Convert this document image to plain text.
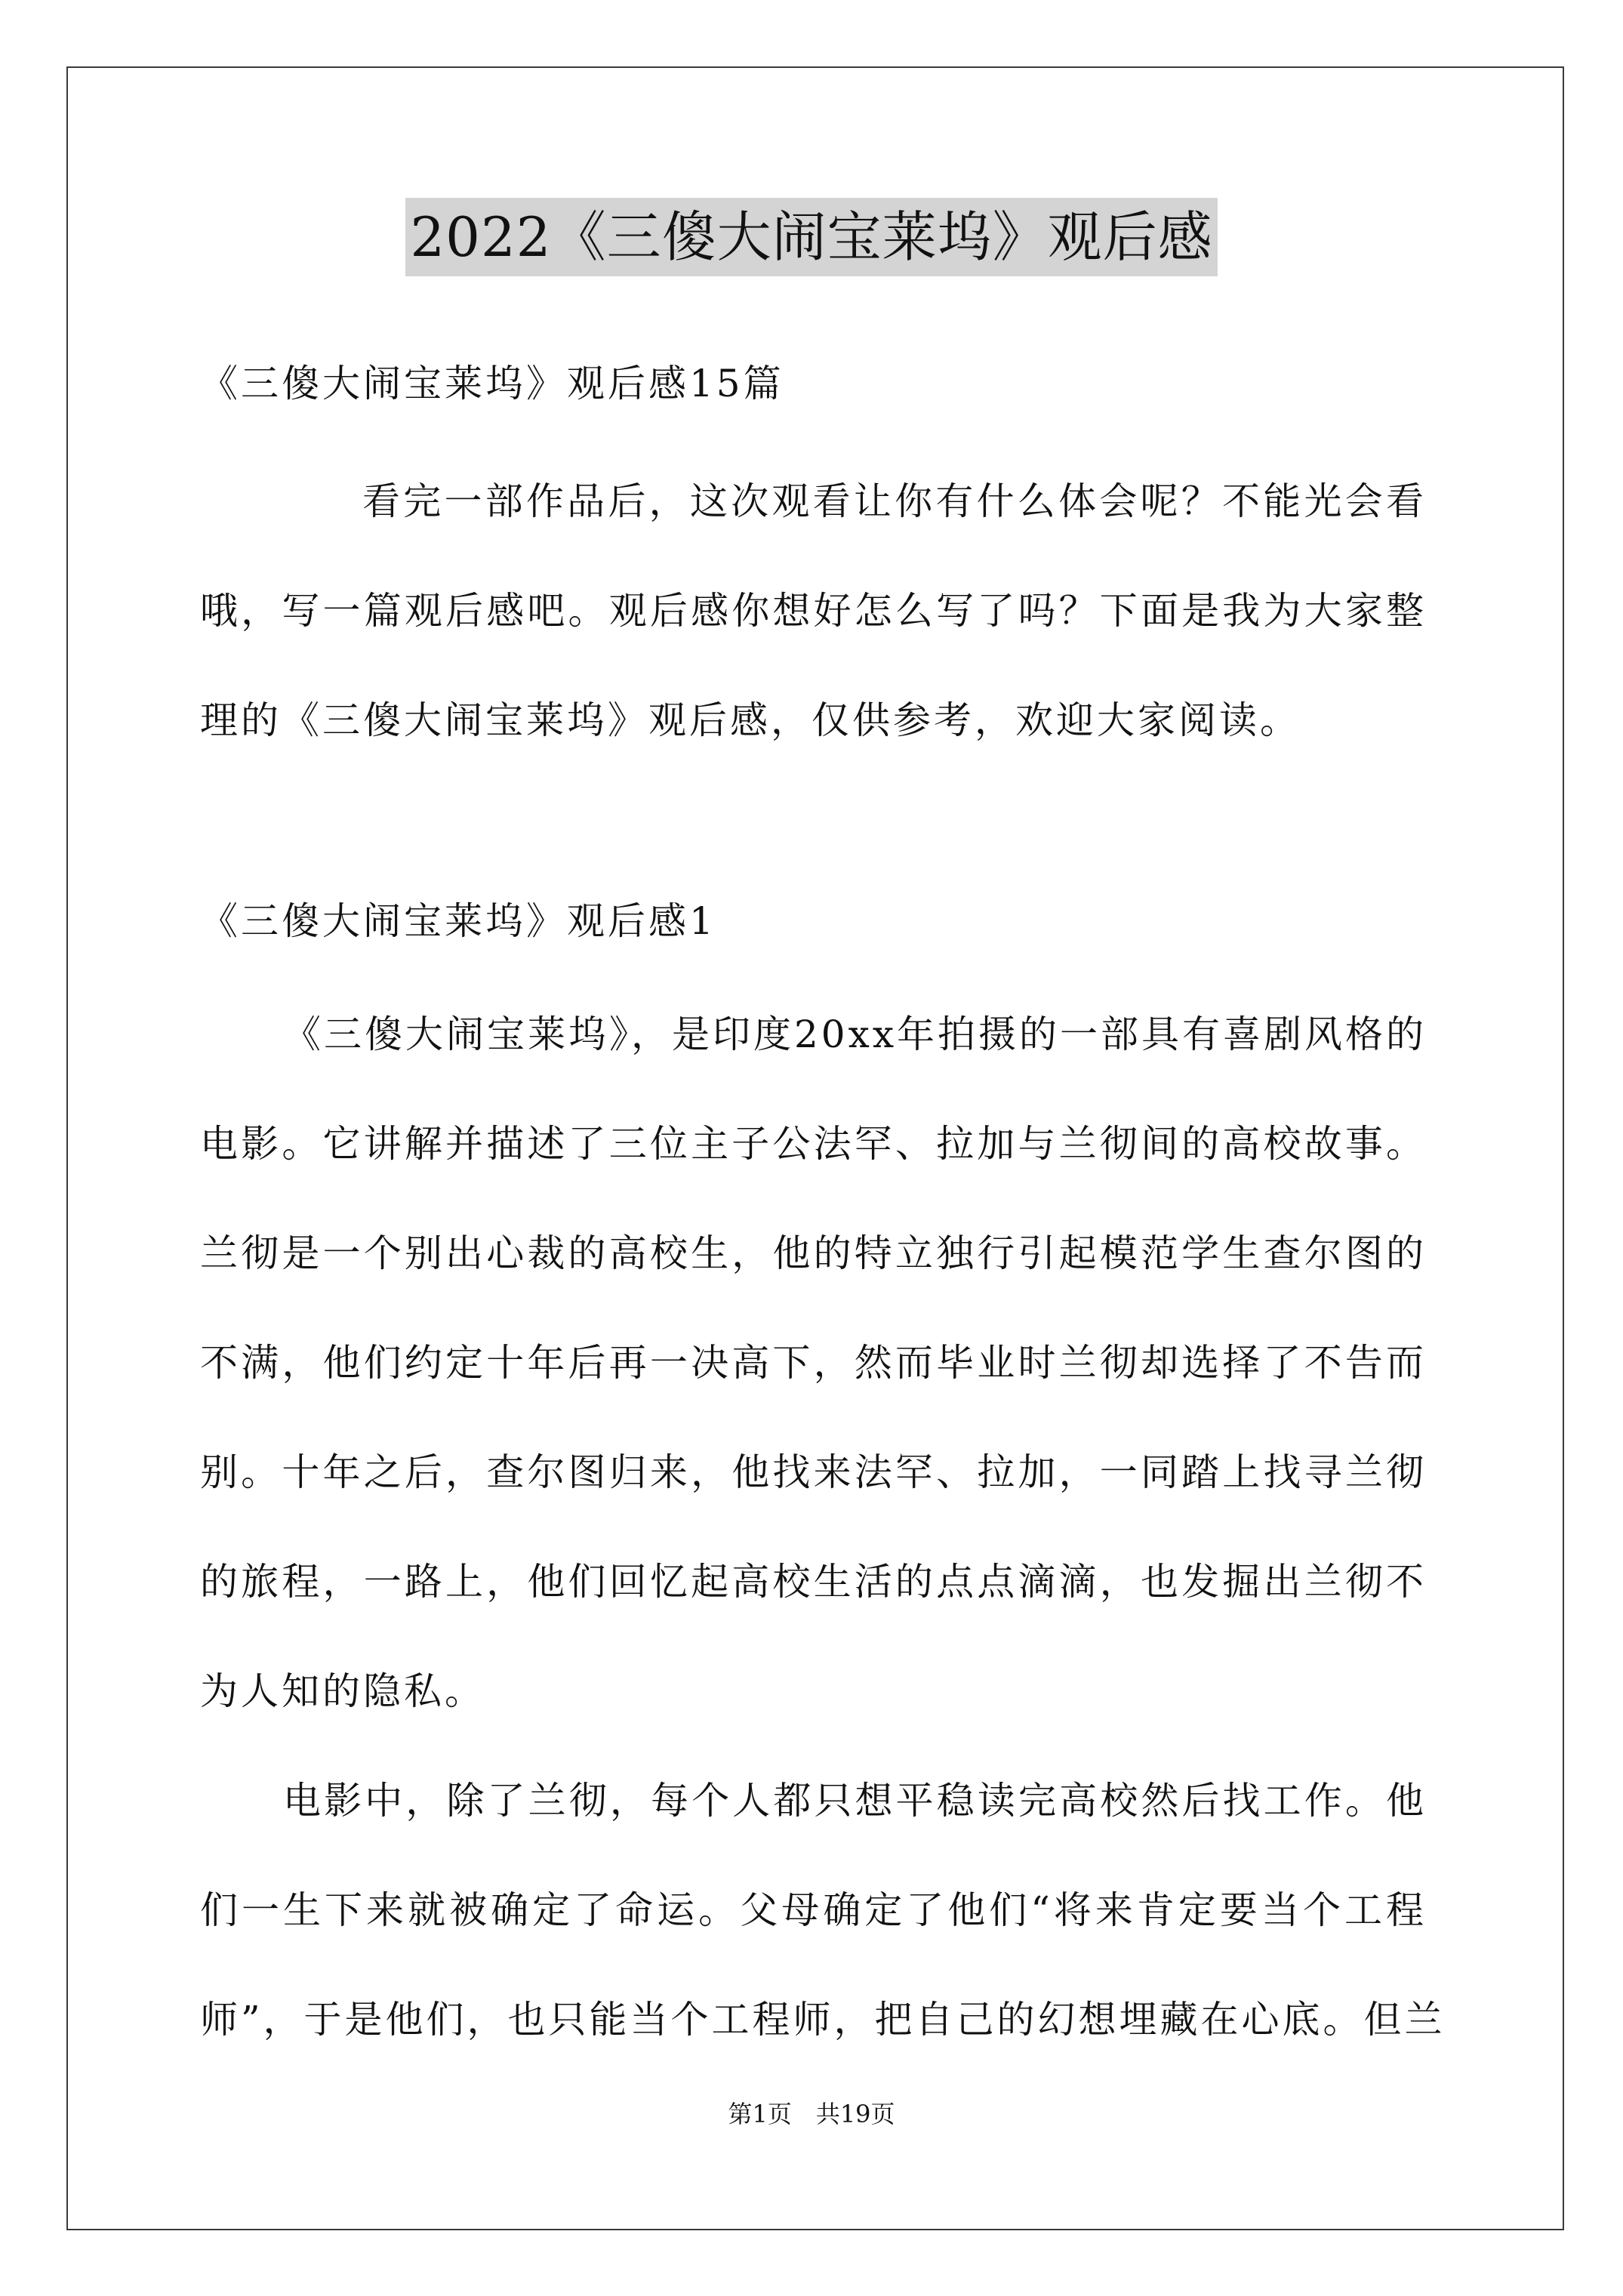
2022《三傻大闹宝莱坞》观后感
《三傻大闹宝莱坞》观后感15篇
看完一部作品后，这次观看让你有什么体会呢？不能光会看
哦，写一篇观后感吧。观后感你想好怎么写了吗？下面是我为大家整
理的《三傻大闹宝莱坞》观后感，仅供参考，欢迎大家阅读。
《三傻大闹宝莱坞》观后感1
《三傻大闹宝莱坞》，是印度20xx年拍摄的一部具有喜剧风格的
电影。它讲解并描述了三位主子公法罕、拉加与兰彻间的高校故事。
兰彻是一个别出心裁的高校生，他的特立独行引起模范学生查尔图的
不满，他们约定十年后再一决高下，然而毕业时兰彻却选择了不告而
别。十年之后，查尔图归来，他找来法罕、拉加，一同踏上找寻兰彻
的旅程，一路上，他们回忆起高校生活的点点滴滴，也发掘出兰彻不
为人知的隐私。
电影中，除了兰彻，每个人都只想平稳读完高校然后找工作。他
们一生下来就被确定了命运。父母确定了他们“将来肯定要当个工程
师”，于是他们，也只能当个工程师，把自己的幻想埋藏在心底。但兰
第1页　共19页
